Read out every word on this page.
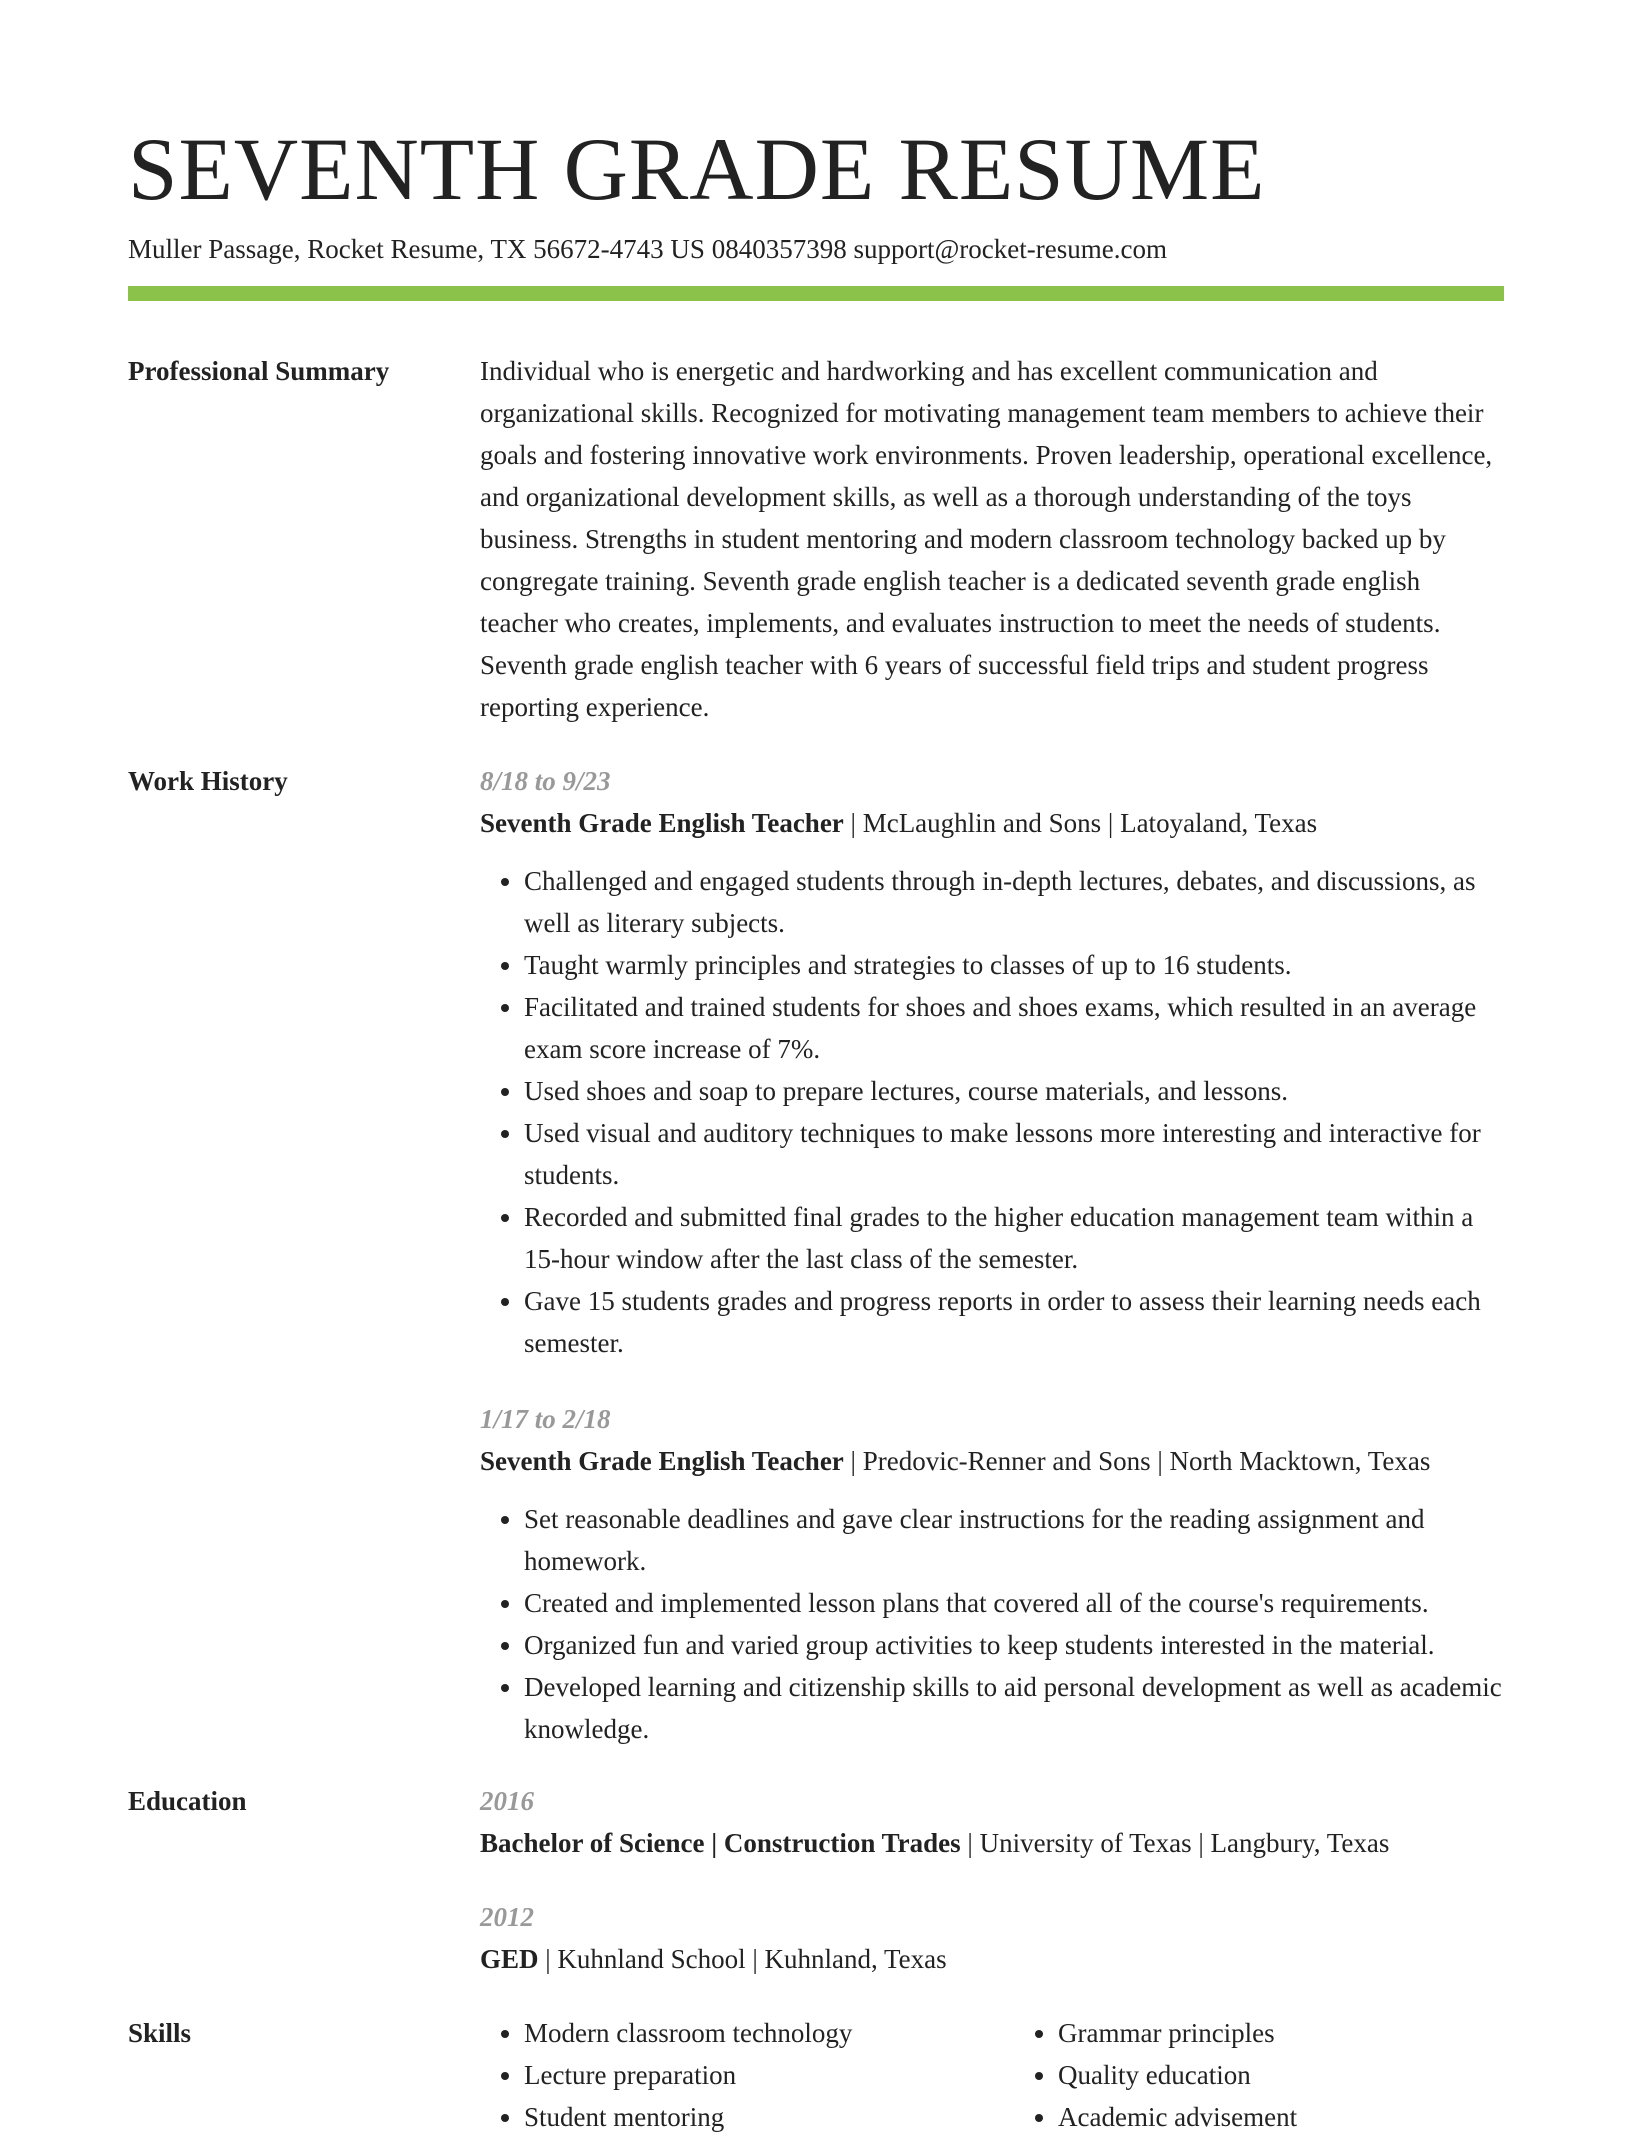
SEVENTH GRADE RESUME
Muller Passage, Rocket Resume, TX 56672-4743 US 0840357398 support@rocket-resume.com
Professional Summary	Individual who is energetic and hardworking and has excellent communication and organizational skills. Recognized for motivating management team members to achieve their goals and fostering innovative work environments. Proven leadership, operational excellence, and organizational development skills, as well as a thorough understanding of the toys business. Strengths in student mentoring and modern classroom technology backed up by congregate training. Seventh grade english teacher is a dedicated seventh grade english teacher who creates, implements, and evaluates instruction to meet the needs of students. Seventh grade english teacher with 6 years of successful field trips and student progress reporting experience.

Work History	8/18 to 9/23
Seventh Grade English Teacher | McLaughlin and Sons | Latoyaland, Texas
• Challenged and engaged students through in-depth lectures, debates, and discussions, as well as literary subjects.
• Taught warmly principles and strategies to classes of up to 16 students.
• Facilitated and trained students for shoes and shoes exams, which resulted in an average exam score increase of 7%.
• Used shoes and soap to prepare lectures, course materials, and lessons.
• Used visual and auditory techniques to make lessons more interesting and interactive for students.
• Recorded and submitted final grades to the higher education management team within a 15-hour window after the last class of the semester.
• Gave 15 students grades and progress reports in order to assess their learning needs each semester.
1/17 to 2/18
Seventh Grade English Teacher | Predovic-Renner and Sons | North Macktown, Texas
• Set reasonable deadlines and gave clear instructions for the reading assignment and homework.
• Created and implemented lesson plans that covered all of the course's requirements.
• Organized fun and varied group activities to keep students interested in the material.
• Developed learning and citizenship skills to aid personal development as well as academic knowledge.
Education	2016
Bachelor of Science | Construction Trades | University of Texas | Langbury, Texas
2012
GED | Kuhnland School | Kuhnland, Texas
Skills
•	Modern classroom technology
• Lecture preparation
• Student mentoring
• Grammar principles
• Quality education
• Academic advisement
